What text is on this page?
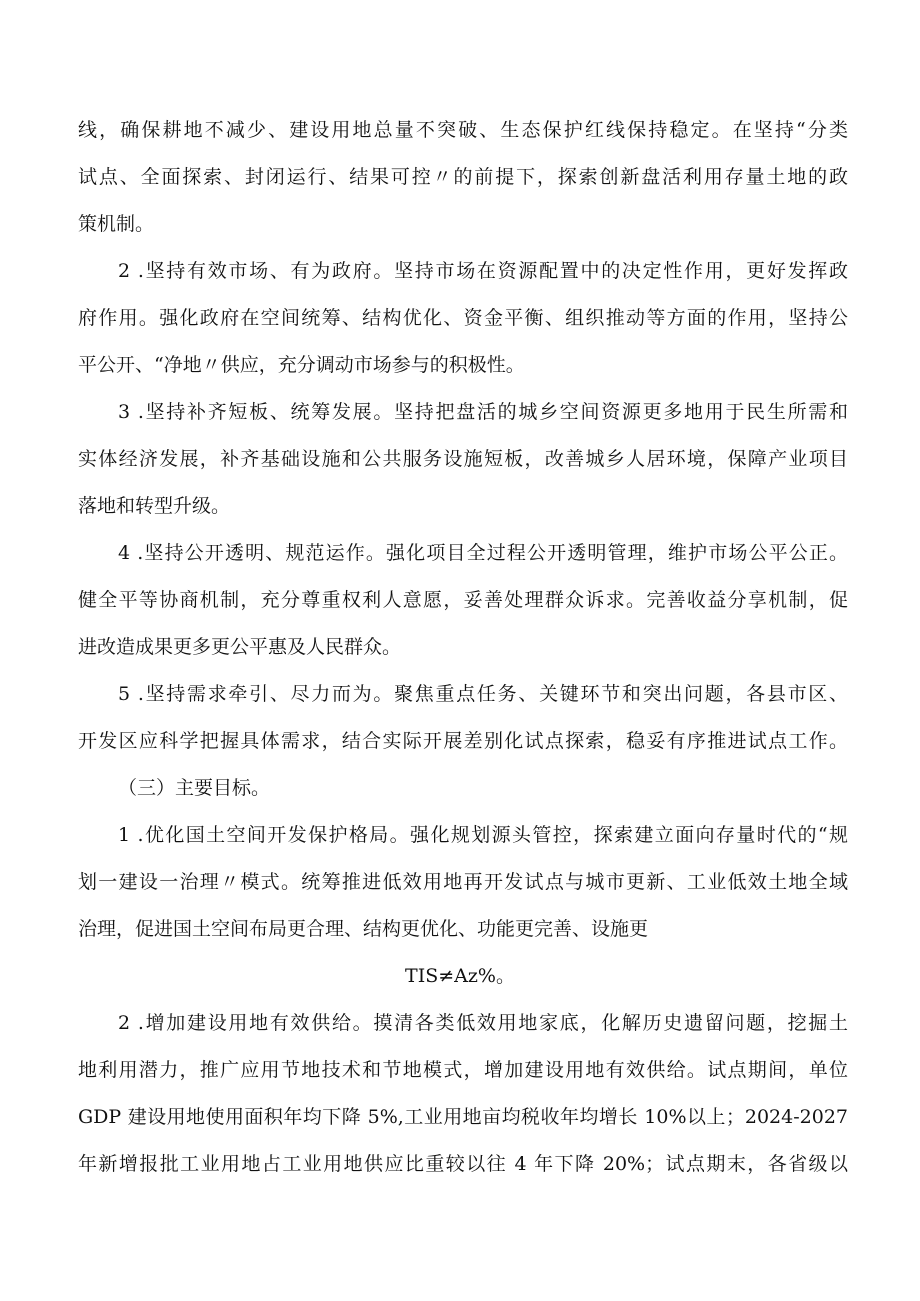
线，确保耕地不减少、建设用地总量不突破、生态保护红线保持稳定。在坚持“分类
试点、全面探索、封闭运行、结果可控〃的前提下，探索创新盘活利用存量土地的政
策机制。
2 .坚持有效市场、有为政府。坚持市场在资源配置中的决定性作用，更好发挥政
府作用。强化政府在空间统筹、结构优化、资金平衡、组织推动等方面的作用，坚持公
平公开、“净地〃供应，充分调动市场参与的积极性。
3 .坚持补齐短板、统筹发展。坚持把盘活的城乡空间资源更多地用于民生所需和
实体经济发展，补齐基础设施和公共服务设施短板，改善城乡人居环境，保障产业项目
落地和转型升级。
4 .坚持公开透明、规范运作。强化项目全过程公开透明管理，维护市场公平公正。
健全平等协商机制，充分尊重权利人意愿，妥善处理群众诉求。完善收益分享机制，促
进改造成果更多更公平惠及人民群众。
5 .坚持需求牵引、尽力而为。聚焦重点任务、关键环节和突出问题，各县市区、
开发区应科学把握具体需求，结合实际开展差别化试点探索，稳妥有序推进试点工作。
（三）主要目标。
1 .优化国土空间开发保护格局。强化规划源头管控，探索建立面向存量时代的“规
划一建设一治理〃模式。统筹推进低效用地再开发试点与城市更新、工业低效土地全域
治理，促进国土空间布局更合理、结构更优化、功能更完善、设施更
TIS≠Az%。
2 .增加建设用地有效供给。摸清各类低效用地家底，化解历史遗留问题，挖掘土
地利用潜力，推广应用节地技术和节地模式，增加建设用地有效供给。试点期间，单位
GDP 建设用地使用面积年均下降 5%,工业用地亩均税收年均增长 10%以上；2024-2027
年新增报批工业用地占工业用地供应比重较以往 4 年下降 20%；试点期末，各省级以
